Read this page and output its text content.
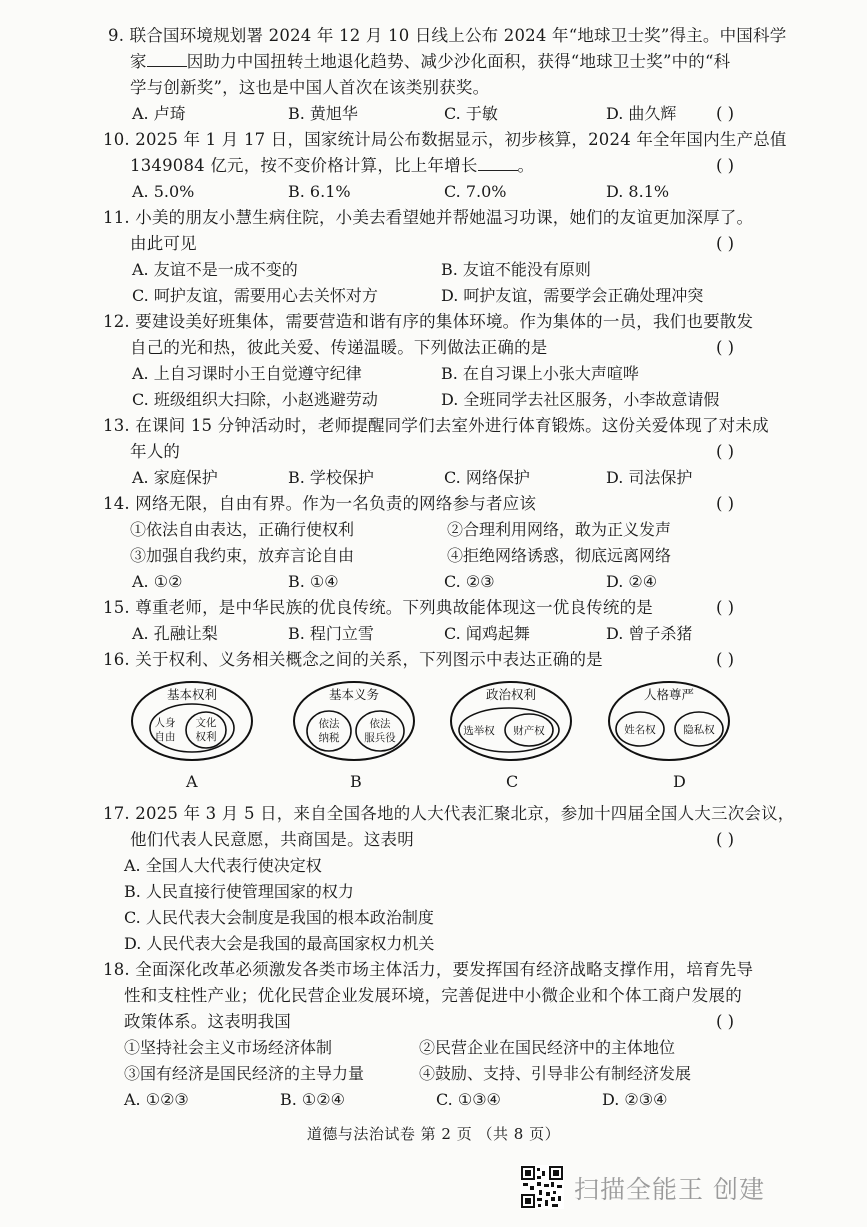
9. 联合国环境规划署 2024 年 12 月 10 日线上公布 2024 年“地球卫士奖”得主。中国科学
家 因助力中国扭转土地退化趋势、减少沙化面积，获得“地球卫士奖”中的“科
学与创新奖”，这也是中国人首次在该类别获奖。
( )
A. 卢琦	B. 黄旭华	C. 于敏	D. 曲久辉
10. 2025 年 1 月 17 日，国家统计局公布数据显示，初步核算，2024 年全年国内生产总值
1349084 亿元，按不变价格计算，比上年增长 。	( )
A. 5.0%	B. 6.1%	C. 7.0%	D. 8.1%
11. 小美的朋友小慧生病住院，小美去看望她并帮她温习功课，她们的友谊更加深厚了。
由此可见	( )
A. 友谊不是一成不变的	B. 友谊不能没有原则
C. 呵护友谊，需要用心去关怀对方	D. 呵护友谊，需要学会正确处理冲突
12. 要建设美好班集体，需要营造和谐有序的集体环境。作为集体的一员，我们也要散发
自己的光和热，彼此关爱、传递温暖。下列做法正确的是	( )
A. 上自习课时小王自觉遵守纪律	B. 在自习课上小张大声喧哗
C. 班级组织大扫除，小赵逃避劳动	D. 全班同学去社区服务，小李故意请假
13. 在课间 15 分钟活动时，老师提醒同学们去室外进行体育锻炼。这份关爱体现了对未成
年人的	( )
A. 家庭保护	B. 学校保护	C. 网络保护	D. 司法保护
14. 网络无限，自由有界。作为一名负责的网络参与者应该	( )
①依法自由表达，正确行使权利	②合理利用网络，敢为正义发声
③加强自我约束，放弃言论自由	④拒绝网络诱惑，彻底远离网络
A. ①②	B. ①④	C. ②③	D. ②④
15. 尊重老师，是中华民族的优良传统。下列典故能体现这一优良传统的是	( )
A. 孔融让梨	B. 程门立雪	C. 闻鸡起舞	D. 曾子杀猪
16. 关于权利、义务相关概念之间的关系，下列图示中表达正确的是	( )
基本权利
人身
自由
文化
权利
A
基本义务
依法
纳税
依法
服兵役
B
政治权利
选举权 财产权
C
人格尊严
姓名权	隐私权
D
17. 2025 年 3 月 5 日，来自全国各地的人大代表汇聚北京，参加十四届全国人大三次会议，
他们代表人民意愿，共商国是。这表明	( )
A. 全国人大代表行使决定权
B. 人民直接行使管理国家的权力
C. 人民代表大会制度是我国的根本政治制度
D. 人民代表大会是我国的最高国家权力机关
18. 全面深化改革必须激发各类市场主体活力，要发挥国有经济战略支撑作用，培育先导
性和支柱性产业；优化民营企业发展环境，完善促进中小微企业和个体工商户发展的
政策体系。这表明我国	( )
①坚持社会主义市场经济体制	②民营企业在国民经济中的主体地位
③国有经济是国民经济的主导力量	④鼓励、支持、引导非公有制经济发展
A. ①②③	B. ①②④	C. ①③④	D. ②③④
道德与法治试卷 第 2 页 （共 8 页）
扫描全能王 创建
